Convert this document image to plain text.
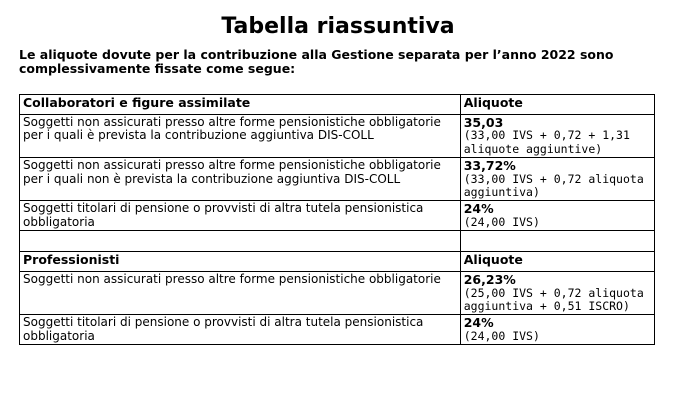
Tabella riassuntiva
Le aliquote dovute per la contribuzione alla Gestione separata per l’anno 2022 sono complessivamente fissate come segue:
Collaboratori e figure assimilate	Aliquote
Soggetti non assicurati presso altre forme pensionistiche obbligatorie per i quali è prevista la contribuzione aggiuntiva DIS-COLL	35,03
(33,00 IVS + 0,72 + 1,31 aliquote aggiuntive)

Soggetti non assicurati presso altre forme pensionistiche obbligatorie per i quali non è prevista la contribuzione aggiuntiva DIS-COLL	33,72%
(33,00 IVS + 0,72 aliquota aggiuntiva)

Soggetti titolari di pensione o provvisti di altra tutela pensionistica obbligatoria	24%
(24,00 IVS)

Professionisti	Aliquote
Soggetti non assicurati presso altre forme pensionistiche obbligatorie	26,23%
(25,00 IVS + 0,72 aliquota aggiuntiva + 0,51 ISCRO)

Soggetti titolari di pensione o provvisti di altra tutela pensionistica obbligatoria	24%
(24,00 IVS)
